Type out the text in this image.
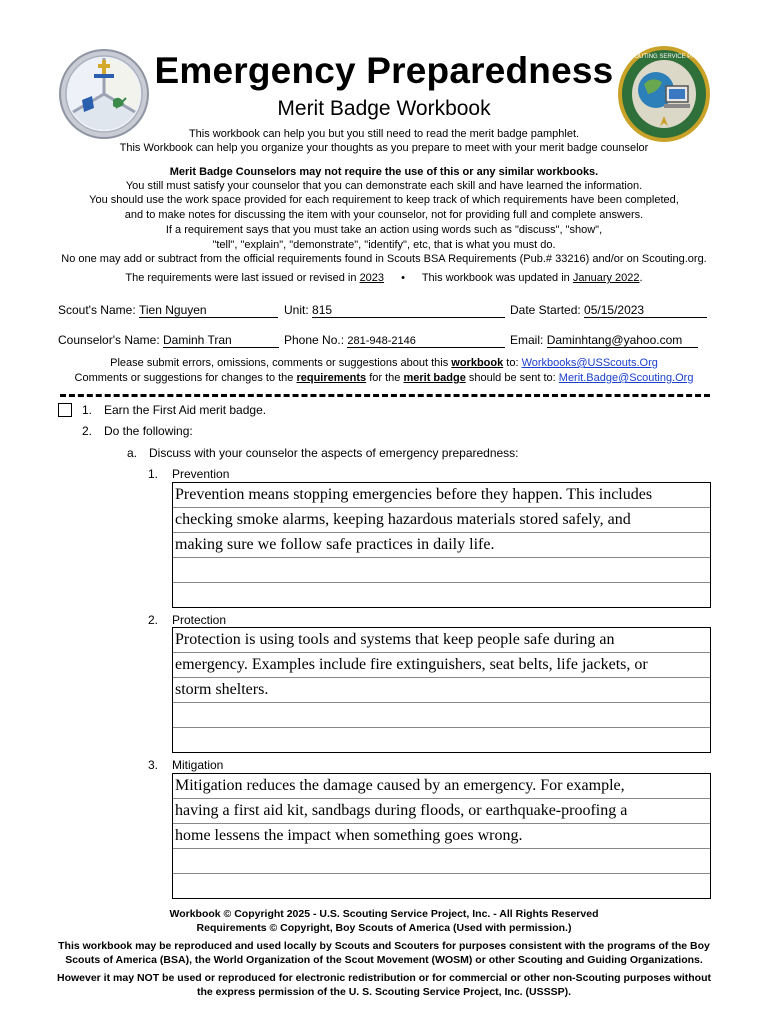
U.S. SCOUTING SERVICE PROJECT
Emergency Preparedness
Merit Badge Workbook
This workbook can help you but you still need to read the merit badge pamphlet.
This Workbook can help you organize your thoughts as you prepare to meet with your merit badge counselor
Merit Badge Counselors may not require the use of this or any similar workbooks.
You still must satisfy your counselor that you can demonstrate each skill and have learned the information.
You should use the work space provided for each requirement to keep track of which requirements have been completed,
and to make notes for discussing the item with your counselor, not for providing full and complete answers.
If a requirement says that you must take an action using words such as "discuss", "show",
"tell", "explain", "demonstrate", "identify", etc, that is what you must do.
No one may add or subtract from the official requirements found in Scouts BSA Requirements (Pub.# 33216) and/or on Scouting.org.
The requirements were last issued or revised in 2023 • This workbook was updated in January 2022.
Scout's Name: Tien Nguyen	Unit: 815	Date Started: 05/15/2023
Counselor's Name: Daminh Tran	Phone No.: 281-948-2146	Email: Daminhtang@yahoo.com
Please submit errors, omissions, comments or suggestions about this workbook to: Workbooks@USScouts.Org
Comments or suggestions for changes to the requirements for the merit badge should be sent to: Merit.Badge@Scouting.Org
1. Earn the First Aid merit badge.
2. Do the following:
a. Discuss with your counselor the aspects of emergency preparedness:
1. Prevention
Prevention means stopping emergencies before they happen. This includes
checking smoke alarms, keeping hazardous materials stored safely, and
making sure we follow safe practices in daily life.
2. Protection
Protection is using tools and systems that keep people safe during an
emergency. Examples include fire extinguishers, seat belts, life jackets, or
storm shelters.
3. Mitigation
Mitigation reduces the damage caused by an emergency. For example,
having a first aid kit, sandbags during floods, or earthquake-proofing a
home lessens the impact when something goes wrong.
Workbook © Copyright 2025 - U.S. Scouting Service Project, Inc. - All Rights Reserved
Requirements © Copyright, Boy Scouts of America (Used with permission.)
This workbook may be reproduced and used locally by Scouts and Scouters for purposes consistent with the programs of the Boy
Scouts of America (BSA), the World Organization of the Scout Movement (WOSM) or other Scouting and Guiding Organizations.
However it may NOT be used or reproduced for electronic redistribution or for commercial or other non-Scouting purposes without
the express permission of the U. S. Scouting Service Project, Inc. (USSSP).
